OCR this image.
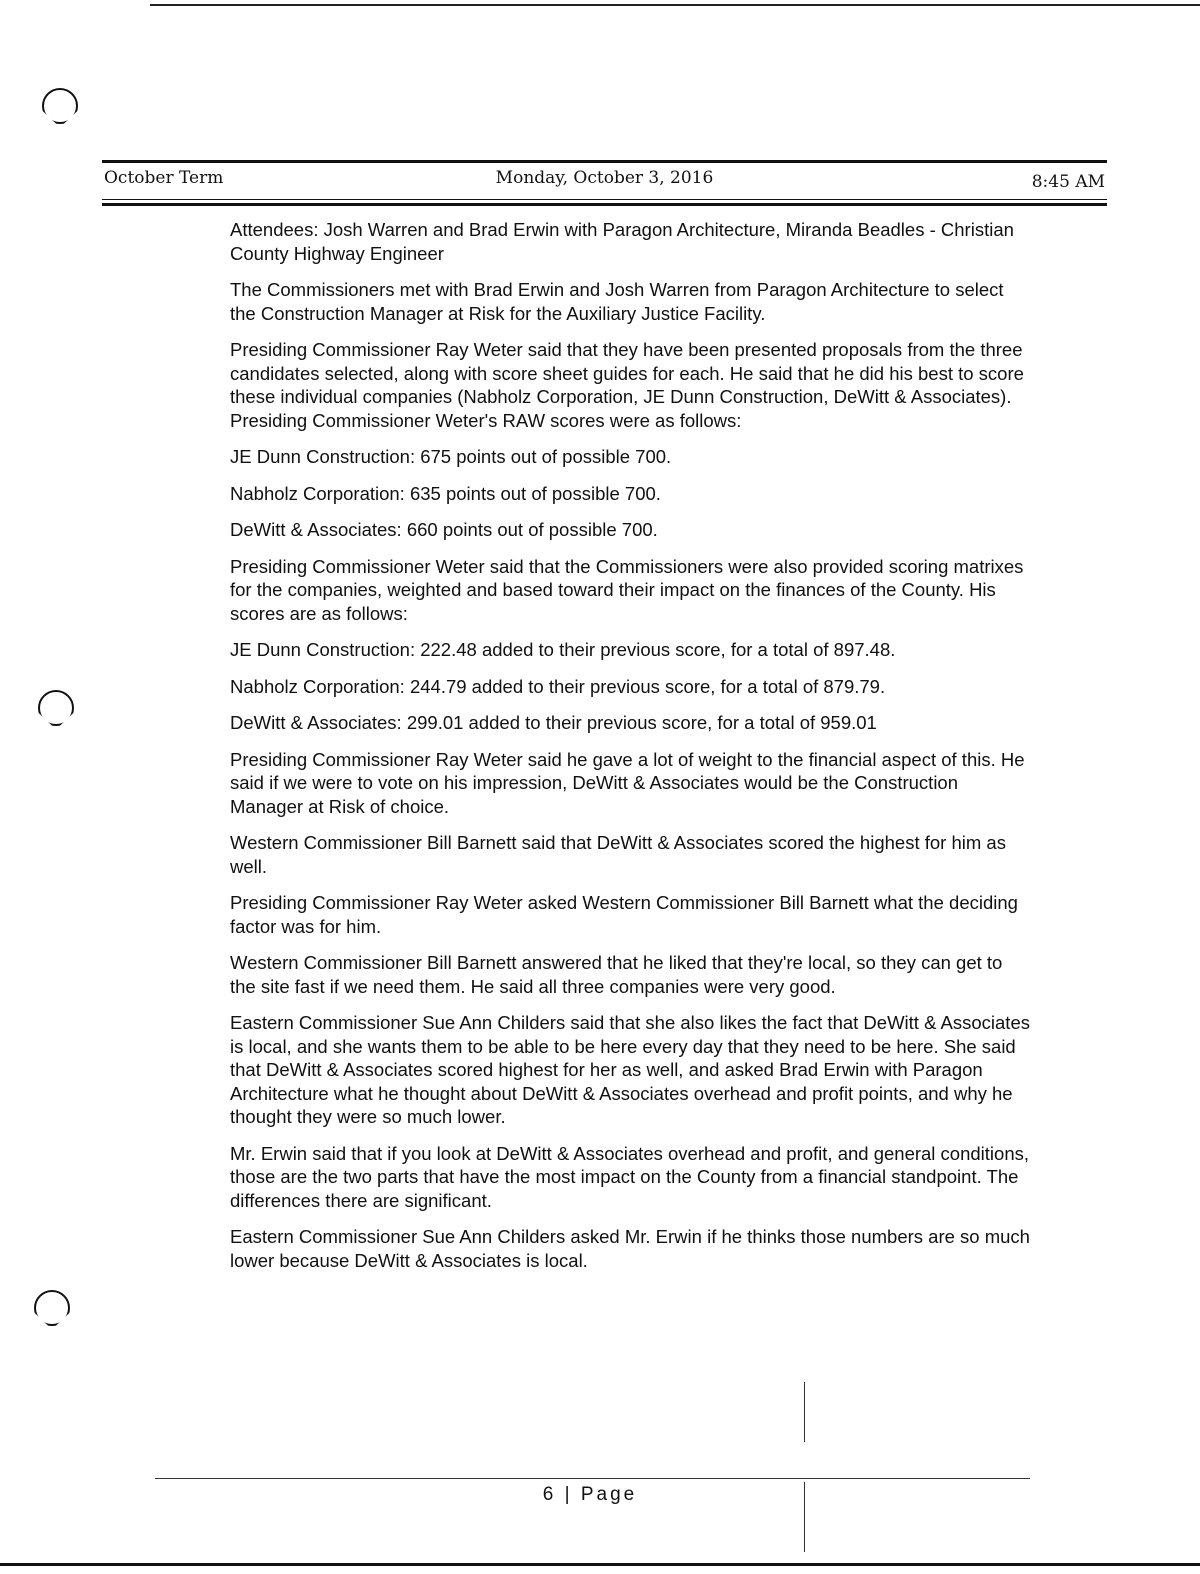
October Term	Monday, October 3, 2016	8:45 AM

Attendees: Josh Warren and Brad Erwin with Paragon Architecture, Miranda Beadles - Christian County Highway Engineer

The Commissioners met with Brad Erwin and Josh Warren from Paragon Architecture to select the Construction Manager at Risk for the Auxiliary Justice Facility.

Presiding Commissioner Ray Weter said that they have been presented proposals from the three candidates selected, along with score sheet guides for each. He said that he did his best to score these individual companies (Nabholz Corporation, JE Dunn Construction, DeWitt & Associates). Presiding Commissioner Weter's RAW scores were as follows:

JE Dunn Construction: 675 points out of possible 700.

Nabholz Corporation: 635 points out of possible 700.

DeWitt & Associates: 660 points out of possible 700.

Presiding Commissioner Weter said that the Commissioners were also provided scoring matrixes for the companies, weighted and based toward their impact on the finances of the County. His scores are as follows:

JE Dunn Construction: 222.48 added to their previous score, for a total of 897.48.

Nabholz Corporation: 244.79 added to their previous score, for a total of 879.79.

DeWitt & Associates: 299.01 added to their previous score, for a total of 959.01

Presiding Commissioner Ray Weter said he gave a lot of weight to the financial aspect of this. He said if we were to vote on his impression, DeWitt & Associates would be the Construction Manager at Risk of choice.

Western Commissioner Bill Barnett said that DeWitt & Associates scored the highest for him as well.

Presiding Commissioner Ray Weter asked Western Commissioner Bill Barnett what the deciding factor was for him.

Western Commissioner Bill Barnett answered that he liked that they're local, so they can get to the site fast if we need them. He said all three companies were very good.

Eastern Commissioner Sue Ann Childers said that she also likes the fact that DeWitt & Associates is local, and she wants them to be able to be here every day that they need to be here. She said that DeWitt & Associates scored highest for her as well, and asked Brad Erwin with Paragon Architecture what he thought about DeWitt & Associates overhead and profit points, and why he thought they were so much lower.

Mr. Erwin said that if you look at DeWitt & Associates overhead and profit, and general conditions, those are the two parts that have the most impact on the County from a financial standpoint. The differences there are significant.

Eastern Commissioner Sue Ann Childers asked Mr. Erwin if he thinks those numbers are so much lower because DeWitt & Associates is local.

6 | Page
